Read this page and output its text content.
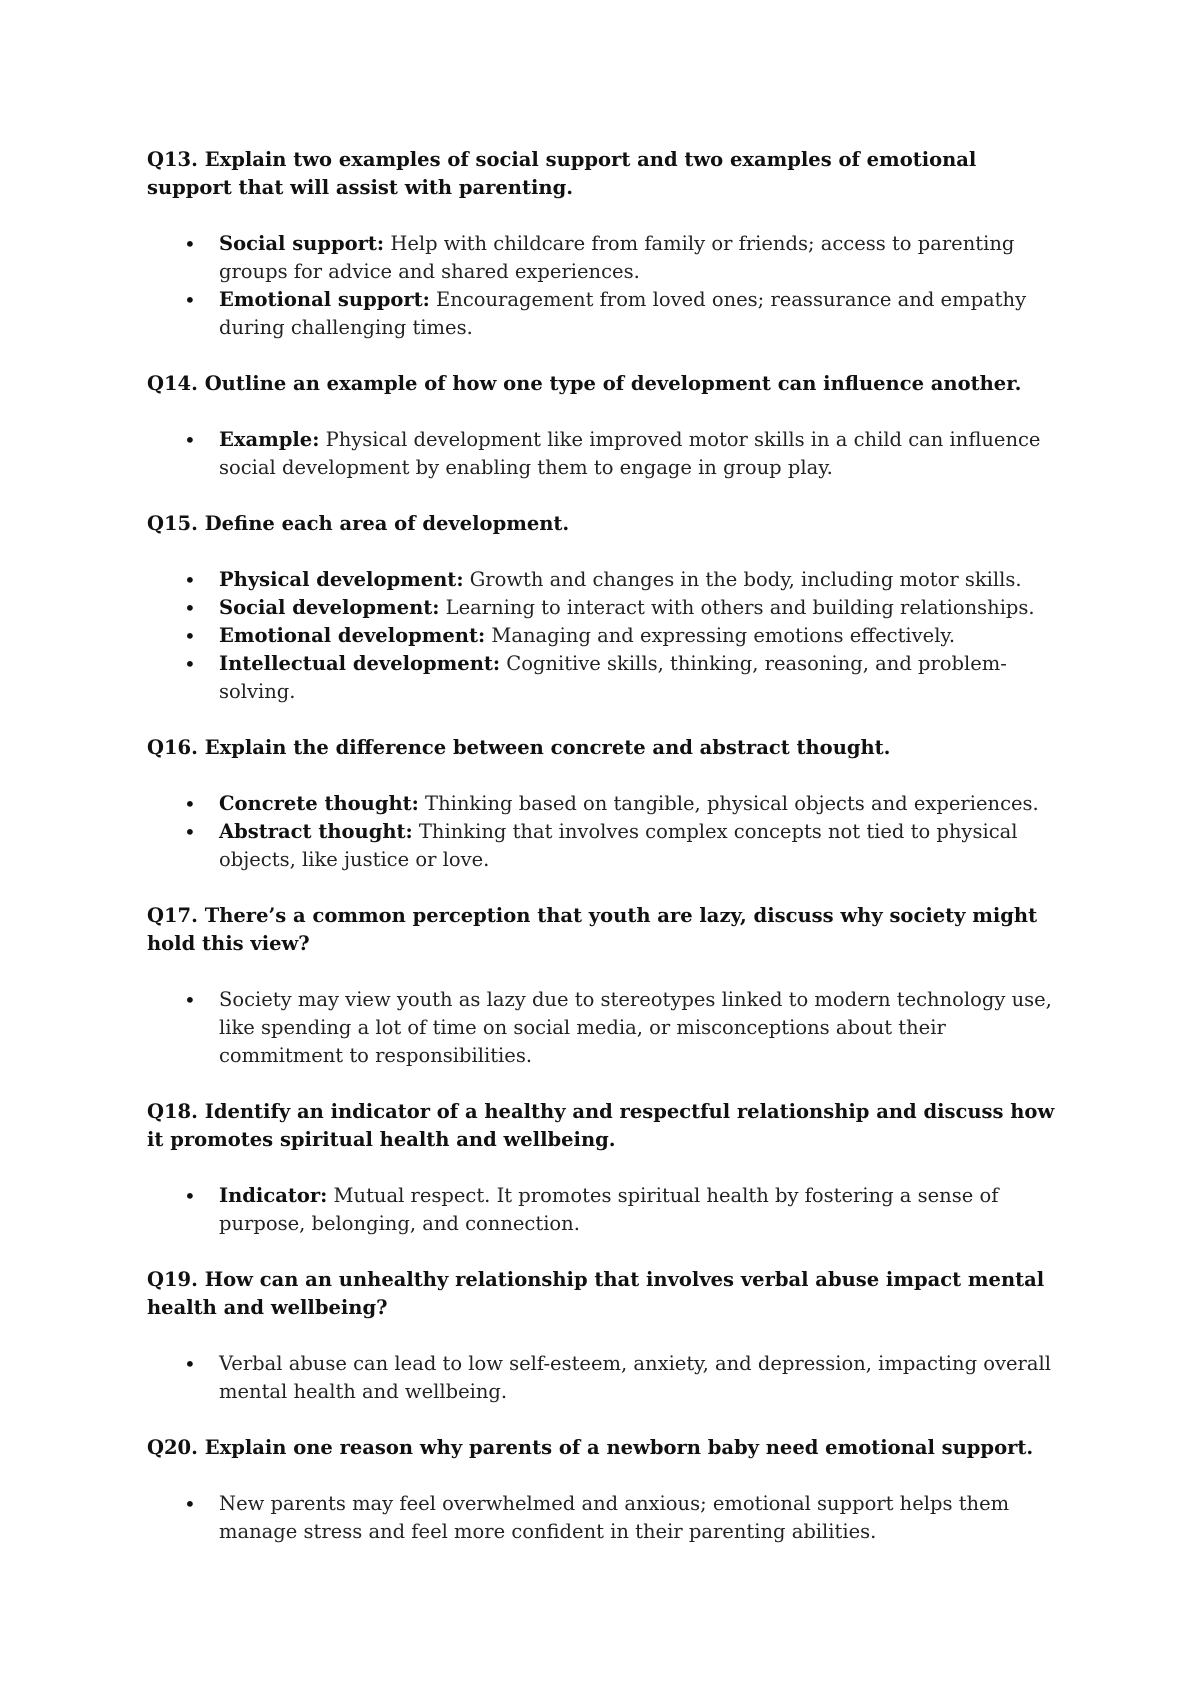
Q13. Explain two examples of social support and two examples of emotional support that will assist with parenting.

• Social support: Help with childcare from family or friends; access to parenting groups for advice and shared experiences.
• Emotional support: Encouragement from loved ones; reassurance and empathy during challenging times.

Q14. Outline an example of how one type of development can influence another.

• Example: Physical development like improved motor skills in a child can influence social development by enabling them to engage in group play.

Q15. Define each area of development.

• Physical development: Growth and changes in the body, including motor skills.
• Social development: Learning to interact with others and building relationships.
• Emotional development: Managing and expressing emotions effectively.
• Intellectual development: Cognitive skills, thinking, reasoning, and problem-solving.

Q16. Explain the difference between concrete and abstract thought.

• Concrete thought: Thinking based on tangible, physical objects and experiences.
• Abstract thought: Thinking that involves complex concepts not tied to physical objects, like justice or love.

Q17. There’s a common perception that youth are lazy, discuss why society might hold this view?

• Society may view youth as lazy due to stereotypes linked to modern technology use, like spending a lot of time on social media, or misconceptions about their commitment to responsibilities.

Q18. Identify an indicator of a healthy and respectful relationship and discuss how it promotes spiritual health and wellbeing.

• Indicator: Mutual respect. It promotes spiritual health by fostering a sense of purpose, belonging, and connection.

Q19. How can an unhealthy relationship that involves verbal abuse impact mental health and wellbeing?

• Verbal abuse can lead to low self-esteem, anxiety, and depression, impacting overall mental health and wellbeing.

Q20. Explain one reason why parents of a newborn baby need emotional support.

• New parents may feel overwhelmed and anxious; emotional support helps them manage stress and feel more confident in their parenting abilities.
